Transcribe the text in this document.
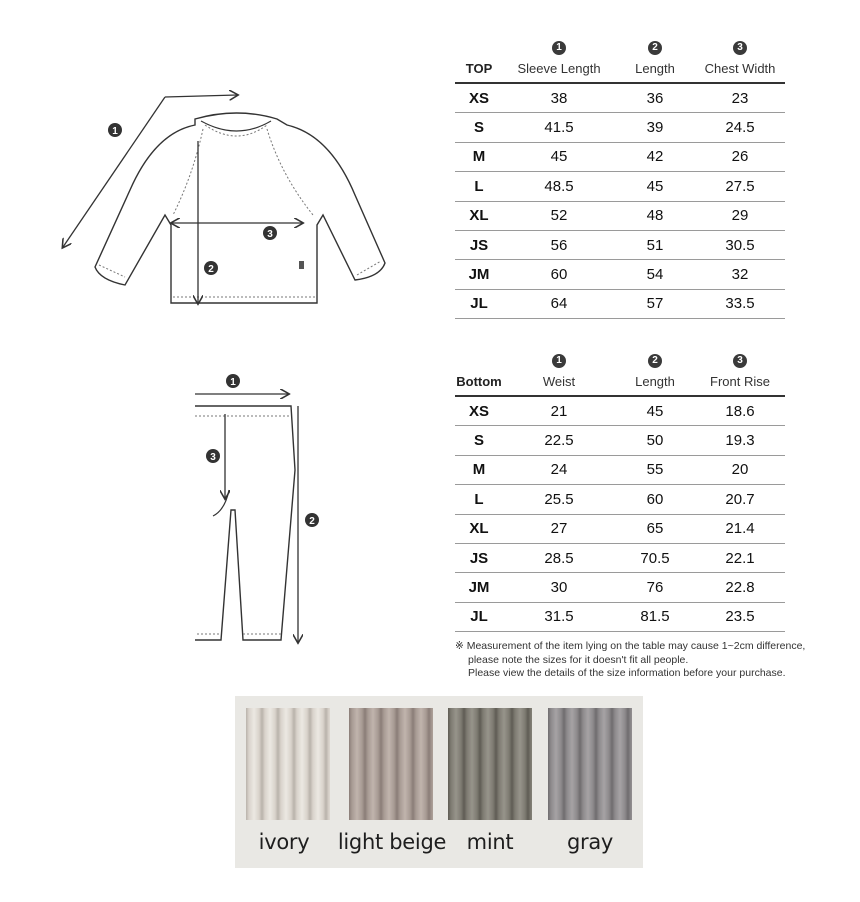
1
2
3
1
3
2
	1	2	3
TOP	Sleeve Length	Length	Chest Width
XS	38	36	23
S	41.5	39	24.5
M	45	42	26
L	48.5	45	27.5
XL	52	48	29
JS	56	51	30.5
JM	60	54	32
JL	64	57	33.5
	1	2	3
Bottom	Weist	Length	Front Rise
XS	21	45	18.6
S	22.5	50	19.3
M	24	55	20
L	25.5	60	20.7
XL	27	65	21.4
JS	28.5	70.5	22.1
JM	30	76	22.8
JL	31.5	81.5	23.5
※ Measurement of the item lying on the table may cause 1~2cm difference,
please note the sizes for it doesn't fit all people.
Please view the details of the size information before your purchase.
ivory	light beige mint	gray
